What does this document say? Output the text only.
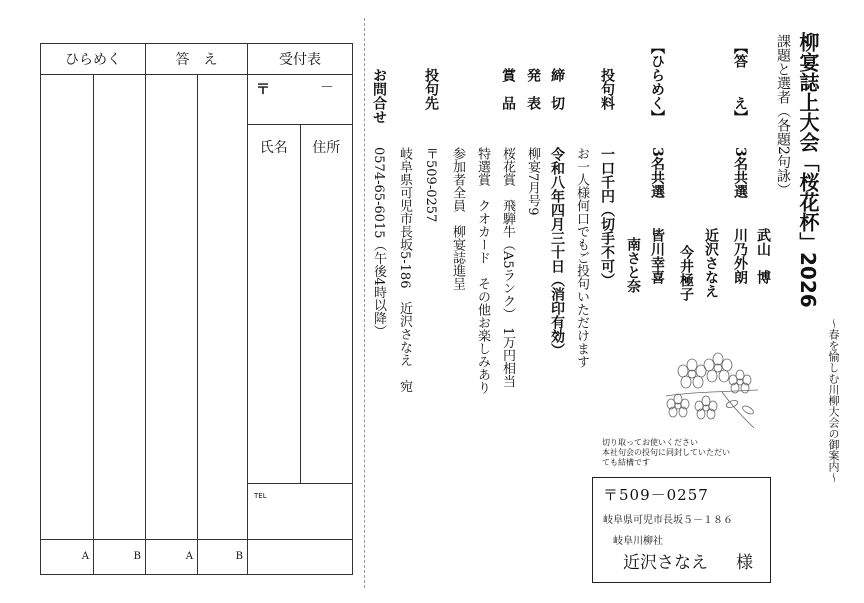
ひらめく		答　え		受付表

				〒 －

				氏名 住所

				TEL

A	B	A	B	
柳宴誌上大会「桜花杯」2026
～春を愉しむ川柳大会の御案内～
課題と選者（各題2句詠）
【答　　え】
3名共選
武山　博
川乃外朗
近沢さなえ
今井極子
【ひらめく】
3名共選
皆川幸喜
南さと奈
投句料
一口千円（切手不可）
お一人様何口でもご投句いただけます
締　切
令和八年四月三十日（消印有効）
発　表
柳宴7月号9
賞　品
桜花賞　飛騨牛（A5ランク）　1万円相当
特選賞　クオカード　その他お楽しみあり
参加者全員　柳宴誌進呈
投句先
〒509‐0257
岐阜県可児市長坂5‐186　近沢さなえ　宛
お問合せ
0574‐65‐6015（午後4時以降）
切り取ってお使いください
本社句会の投句に同封していただい
ても結構です
〒509－0257
岐阜県可児市長坂５－１８６
岐阜川柳社
近沢さなえ 様
